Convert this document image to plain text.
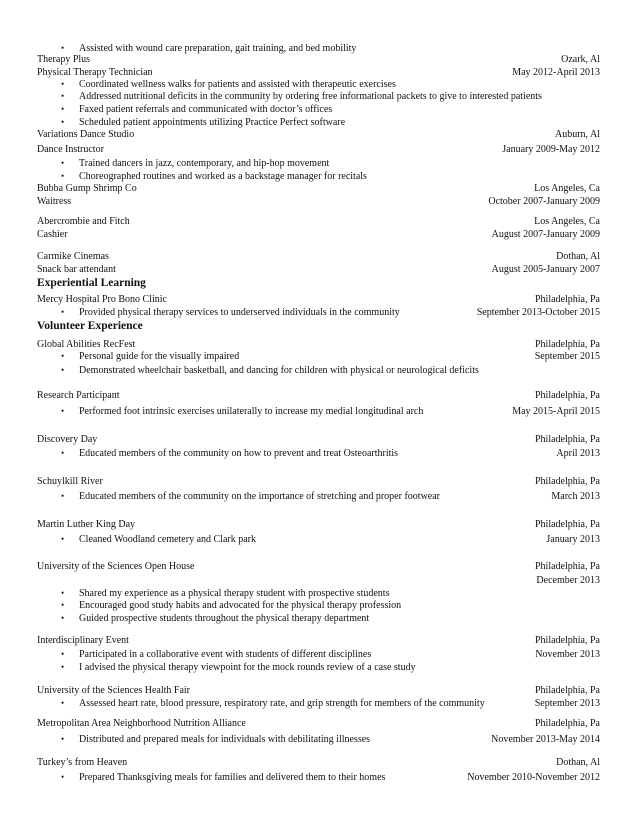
• Assisted with wound care preparation, gait training, and bed mobility
Therapy Plus	Ozark, Al
Physical Therapy Technician	May 2012-April 2013
• Coordinated wellness walks for patients and assisted with therapeutic exercises
• Addressed nutritional deficits in the community by ordering free informational packets to give to interested patients
• Faxed patient referrals and communicated with doctor’s offices
• Scheduled patient appointments utilizing Practice Perfect software
Variations Dance Studio	Auburn, Al
Dance Instructor	January 2009-May 2012
• Trained dancers in jazz, contemporary, and hip-hop movement
• Choreographed routines and worked as a backstage manager for recitals
Bubba Gump Shrimp Co	Los Angeles, Ca
Waitress	October 2007-January 2009
Abercrombie and Fitch	Los Angeles, Ca
Cashier	August 2007-January 2009
Carmike Cinemas	Dothan, Al
Snack bar attendant	August 2005-January 2007
Experiential Learning
Mercy Hospital Pro Bono Clinic	Philadelphia, Pa
• Provided physical therapy services to underserved individuals in the community	September 2013-October 2015
Volunteer Experience
Global Abilities RecFest	Philadelphia, Pa
• Personal guide for the visually impaired	September 2015
• Demonstrated wheelchair basketball, and dancing for children with physical or neurological deficits
Research Participant	Philadelphia, Pa
• Performed foot intrinsic exercises unilaterally to increase my medial longitudinal arch	May 2015-April 2015
Discovery Day	Philadelphia, Pa
• Educated members of the community on how to prevent and treat Osteoarthritis	April 2013
Schuylkill River	Philadelphia, Pa
• Educated members of the community on the importance of stretching and proper footwear	March 2013
Martin Luther King Day	Philadelphia, Pa
• Cleaned Woodland cemetery and Clark park	January 2013
University of the Sciences Open House	Philadelphia, Pa
December 2013
• Shared my experience as a physical therapy student with prospective students
• Encouraged good study habits and advocated for the physical therapy profession
• Guided prospective students throughout the physical therapy department
Interdisciplinary Event	Philadelphia, Pa
• Participated in a collaborative event with students of different disciplines	November 2013
• I advised the physical therapy viewpoint for the mock rounds review of a case study
University of the Sciences Health Fair	Philadelphia, Pa
• Assessed heart rate, blood pressure, respiratory rate, and grip strength for members of the community	September 2013
Metropolitan Area Neighborhood Nutrition Alliance	Philadelphia, Pa
• Distributed and prepared meals for individuals with debilitating illnesses	November 2013-May 2014
Turkey’s from Heaven	Dothan, Al
• Prepared Thanksgiving meals for families and delivered them to their homes	November 2010-November 2012
